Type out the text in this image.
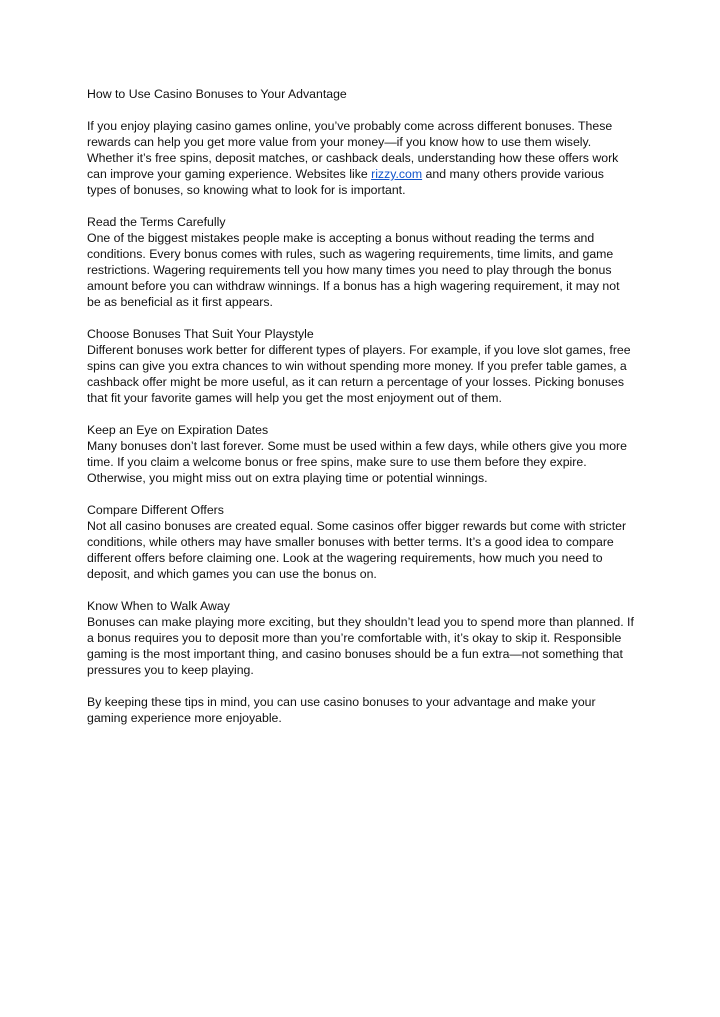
How to Use Casino Bonuses to Your Advantage

If you enjoy playing casino games online, you’ve probably come across different bonuses. These rewards can help you get more value from your money—if you know how to use them wisely. Whether it’s free spins, deposit matches, or cashback deals, understanding how these offers work can improve your gaming experience. Websites like rizzy.com and many others provide various types of bonuses, so knowing what to look for is important.

Read the Terms Carefully
One of the biggest mistakes people make is accepting a bonus without reading the terms and conditions. Every bonus comes with rules, such as wagering requirements, time limits, and game restrictions. Wagering requirements tell you how many times you need to play through the bonus amount before you can withdraw winnings. If a bonus has a high wagering requirement, it may not be as beneficial as it first appears.
Choose Bonuses That Suit Your Playstyle
Different bonuses work better for different types of players. For example, if you love slot games, free spins can give you extra chances to win without spending more money. If you prefer table games, a cashback offer might be more useful, as it can return a percentage of your losses. Picking bonuses that fit your favorite games will help you get the most enjoyment out of them.
Keep an Eye on Expiration Dates
Many bonuses don’t last forever. Some must be used within a few days, while others give you more time. If you claim a welcome bonus or free spins, make sure to use them before they expire. Otherwise, you might miss out on extra playing time or potential winnings.
Compare Different Offers
Not all casino bonuses are created equal. Some casinos offer bigger rewards but come with stricter conditions, while others may have smaller bonuses with better terms. It’s a good idea to compare different offers before claiming one. Look at the wagering requirements, how much you need to deposit, and which games you can use the bonus on.
Know When to Walk Away
Bonuses can make playing more exciting, but they shouldn’t lead you to spend more than planned. If a bonus requires you to deposit more than you’re comfortable with, it’s okay to skip it. Responsible gaming is the most important thing, and casino bonuses should be a fun extra—not something that pressures you to keep playing.

By keeping these tips in mind, you can use casino bonuses to your advantage and make your gaming experience more enjoyable.
